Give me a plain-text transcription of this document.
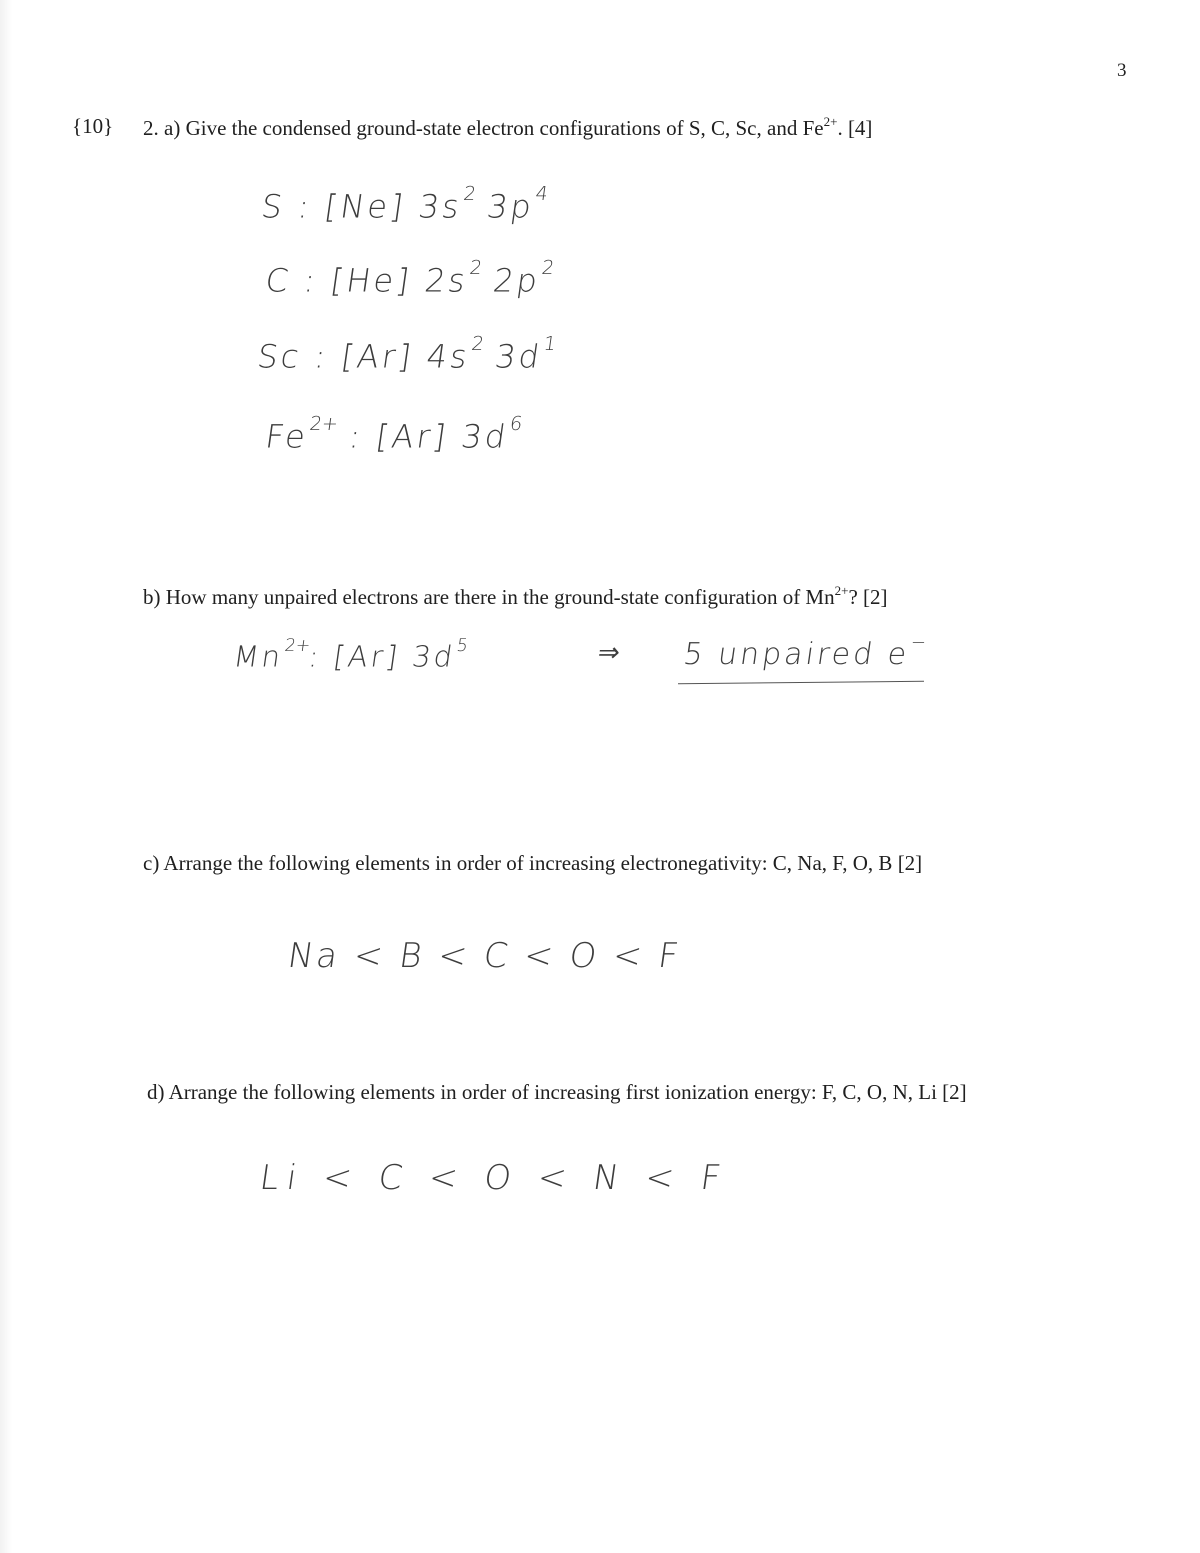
3
{10} 2. a) Give the condensed ground-state electron configurations of S, C, Sc, and $Fe^{2+}$. [4]
S : [Ne] $3s^2$ $3p^4$
C : [He] $2s^2$ $2p^2$
Sc : [Ar] $4s^2$ $3d^1$
$Fe^{2+}$ : [Ar] $3d^6$
b) How many unpaired electrons are there in the ground-state configuration of $Mn^{2+}$? [2]
$Mn^{2+}$: [Ar] $3d^5$	⇒ 5 unpaired e−
c) Arrange the following elements in order of increasing electronegativity: C, Na, F, O, B [2]
Na < B < C < O < F
d) Arrange the following elements in order of increasing first ionization energy: F, C, O, N, Li [2]
Li < C < O < N < F
